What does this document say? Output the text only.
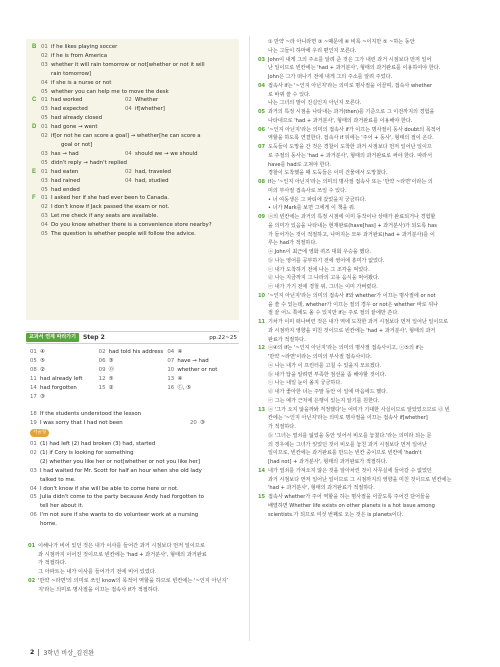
B 01 if he likes playing soccer
02 if he is from America
03 whether it will rain tomorrow or not[whether or not it will
rain tomorrow]
04 if she is a nurse or not
05 whether you can help me to move the desk
C 01 had worked	02 Whether
03 had expected	04 if[whether]
05 had already closed
D 01 had gone → went
02 if[or not he can score a goal] → whether[he can score a
goal or not]
03 has → had	04 should we → we should
05 didn't reply → hadn't replied
E 01 had eaten	02 had, traveled
03 had rained	04 had, studied
05 had ended
F 01 I asked her if she had ever been to Canada.
02 I don't know if Jack passed the exam or not.
03 Let me check if any seats are available.
04 Do you know whether there is a convenience store nearby?
05 The question is whether people will follow the advice.
교과서 연계 따라가기	Step 2	pp.22~25
01 ④	02 had told his address 04 ④
05 ⑤	06 ③	07 have → had
08 ②	09 ⓪	10 whether or not
11 had already left	12 ⑤	13 ④
14 had forgotten	15 ②	16 Ⓒ, ⑤
17 ③
18 If the students understood the lesson
19 I was sorry that I had not been	20 ③
서술형
01 (1) had left (2) had broken (3) had, started
02 (1) if Cory is looking for something
(2) whether you like her or not[whether or not you like her]
03 I had waited for Mr. Scott for half an hour when she old lady
talked to me.
04 I don't know if she will be able to come here or not.
05 Julia didn't come to the party because Andy had forgotten to
tell her about it.
06 I'm not sure if she wants to do volunteer work at a nursing
home.
01 이해나가 비어 있던 것은 내가 이사를 들어간 과거 시점보다 먼저 일이므로
과 시점까지 이어진 것이므로 빈칸에는 'had + 과거분사', 형태의 과거완료
가 적절하다.
그 아파트는 내가 이사를 들어가기 전에 비어 있었다.
02 '만약 ~라면'의 의미로 쓰인 know의 목적어 역할을 하므로 빈칸에는 '~인지 아닌지'
지'라는 의미로 명사절을 이끄는 접속사 if가 적절하다.
① 만약 ~라 아니라면 ③ ~때문에 ④ 비록 ~이지만 ⑤ ~하는 동안
나는 그들이 하마에 우리 편인지 모른다.
03 John이 내게 그의 주소를 알려 준 것은 그가 내린 과거 시점보다 먼저 일어
난 일이므로 빈칸에는 'had + 과거분사', 형태의 과거완료를 이용하여야 한다.
John은 그가 떠나기 전에 내게 그의 주소를 알려 주었다.
04 접속사 if는 '~인지 아닌지'라는 의미로 명사절을 이끌며, 접속사 whether
로 바꿔 쓸 수 있다.
나는 그녀의 말이 진실인지 아닌지 모른다.
05 과거의 특정 시점을 나타내는 과거(then)를 기준으로 그 이전까지의 경험을
나타내므로 'had + 과거분사', 형태의 과거완료를 이용해야 한다.
06 '~인지 아닌지'라는 의미의 접속사 if가 이끄는 명사절이 동사 doubt의 목적어
역할을 하도록 연결한다. 접속사 if 뒤에는 '주어 + 동사', 형태의 절이 온다.
07 도둑들이 도망을 간 것은 경찰이 도착한 과거 시점보다 먼저 일어난 일이므
로 주절의 동사는 'had + 과거분사', 형태의 과거완료로 써야 한다. 따라서
have를 had로 고쳐야 한다.
경찰이 도착했을 때 도둑들은 이미 건물에서 도망쳤다.
08 if는 '~인지 아닌지'라는 의미의 명사절 접속사 또는 '만약 ~라면'이라는 의
미의 부사절 접속사로 쓰일 수 있다.
• 너 여동생은 그 파티에 갔었을지 궁금하다.
• 너가 Mark를 보면 그에게 이 책을 줘.
09 ⓐ의 빈칸에는 과거의 특정 시점에 이미 동작이나 상태가 완료되거나 경험할
을 의미가 있음을 나타내는 현재완료(have[has] + 과거분사)가 되도록 has
가 들어가는 것이 적절하고, 나머지는 모두 과거완료(had + 과거분사)를 이
루는 had가 적절하다.
ⓐ John이 최근에 영화 퀴즈 대회 우승을 했다.
ⓑ 나는 영어를 공부하기 전에 영어에 흥미가 없었다.
ⓒ 내가 도착하기 전에 나는 그 조각을 먹었다.
ⓓ 나는 지금까지 그 나라의 고유 음식을 먹어봤다.
ⓔ 내가 가기 전에 경철 위, 그녀는 이미 가버렸다.
10 '~인지 아닌지'라는 의미의 접속사 if와 whether가 이끄는 명사절에 or not
을 쓸 수 있는데, whether가 이끄는 절의 경우 or not은 whether 바로 뒤나
절 끝 어느 쪽에도 올 수 있지만 if는 주로 절의 끝에만 쓴다.
11 기차가 이미 떠나버린 것은 내가 역에 도착한 과거 시점보다 먼저 일어난 일이므로
과 시점까지 영향을 미친 것이므로 빈칸에는 'had + 과거분사', 형태의 과거
완료가 적절하다.
12 ⓐ④의 if는 '~인지 아닌지'라는 의미의 명사절 접속사이고, ⓒ⑤의 if는
'만약 ~라면'이라는 의미의 부사절 접속사이다.
ⓐ 나는 내가 이 프린터를 고칠 수 있을지 모르겠다.
ⓑ 내가 답을 알려면 부족한 점선을 좀 해야할 것이다.
ⓒ 나는 내일 눈이 올지 궁금하다.
ⓓ 내가 좋아한 너는 주말 동안 이 일에 마음에드 했다.
ⓔ 그는 예가 근처에 은행이 있는지 알기를 원한다.
13 ⓐ '그가 오지 않을까봐 걱정했다'는 어미가 기대한 사실이므로 알았었으므로 ⓓ 빈
칸에는 '~인지 아닌지'라는 의미로 명사절을 이끄는 접속사 if[whether]
가 적절하다.
ⓑ '그녀는 열쇠를 잃었을 동안 잊어서 비오를 놓쳤다.'라는 의미라 되는 문
의 경우에는 그녀가 잊었던 것이 비오를 놓친 과거 시점보다 먼저 일어난
일이므로, 빈칸에는 과거완료를 만드는 빈칸 중이므로 빈칸에 'hadn't
[had not] + 과거분사', 형태의 과거완료가 적절하다.
14 내가 열쇠를 가져오지 않은 것을 알아차린 것이 사무실에 들어갈 수 없었던
과거 시점보다 먼저 일어난 일이므로 그 시점까지의 영향을 미친 것이므로 빈칸에는
'had + 과거분사', 형태의 과거완료가 적절하다.
15 접속사 whether가 주어 역할을 하는 명사절을 이끌도록 주어진 단어들을
배열하면 Whether life exists on other planets is a hot issue among
scientists.가 되므로 여섯 번째로 오는 것은 is planets이다.
2 3학년 비상_김진완
